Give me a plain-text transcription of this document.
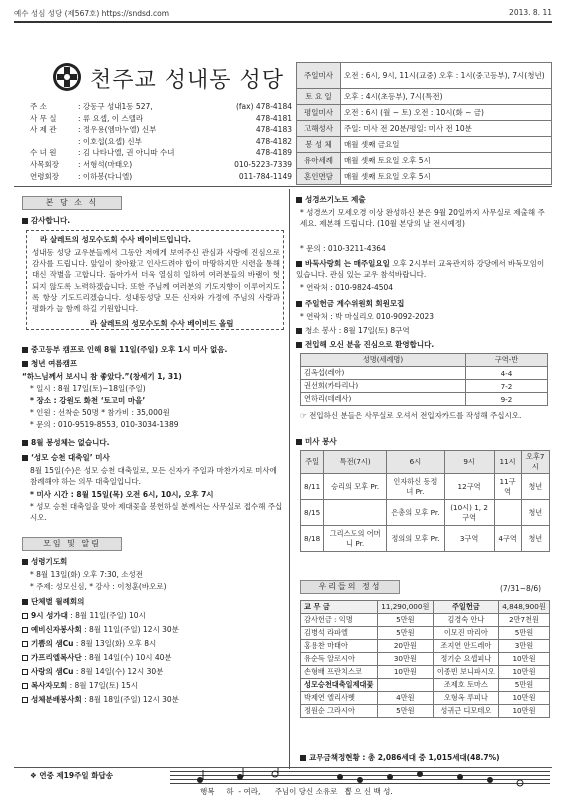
예수 성심 성당 (제567호) https://sndsd.com	2013. 8. 11
천주교 성내동 성당
주 소	: 강동구 성내1동 527,	(fax) 478-4184
사 무 실	: 류 요셉, 이 스텔라	478-4181
사 제 관	: 정우용(엠마누엘) 신부	478-4183
: 이호섭(요셉) 신부	478-4182
수 녀 원	: 김 나타나엘, 권 아니따 수녀	478-4189
사목회장	: 서형석(마태오)	010-5223-7339
연령회장	: 이하봉(다니엘)	011-784-1149
주일미사	오전 : 6시, 9시, 11시(교중) 오후 : 1시(중고등부), 7시(청년)
토 요 일	오후 : 4시(초등부), 7시(특전)
평일미사	오전 : 6시 (월 ~ 토) 오전 : 10시(화 ~ 금)
고해성사	주일: 미사 전 20분/평일: 미사 전 10분
봉 성 체	매월 셋째 금요일
유아세례	매월 셋째 토요일 오후 5시
혼인면담	매월 셋째 토요일 오후 5시
본 당 소 식
감사합니다.
라 살레트의 성모수도회 수사 베이비드입니다.
성내동 성당 교우분들께서 그동안 저에게 보여주신 관심과 사랑에 진심으로 감사를 드립니다. 앞일이 찾아왔고 인사드려야 합이 마땅하지만 시련을 통해 대신 작별을 고합니다. 돌아가서 더욱 열심히 일하여 여러분들의 바램이 헛되지 않도록 노력하겠습니다. 또한 주님께 여러분의 기도지향이 이루어지도록 항상 기도드리겠습니다. 성내동성당 모든 신자와 가정에 주님의 사랑과 평화가 늘 함께 하길 기원합니다.
라 살레트의 성모수도회 수사 베이비드 올림
중고등부 캠프로 인해 8월 11일(주일) 오후 1시 미사 없음.
청년 여름캠프
“하느님께서 보시니 참 좋았다.”(창세기 1, 31)
* 일시 : 8월 17일(토)~18일(주일)
* 장소 : 강원도 화천 ‘토고미 마을’
* 인원 : 선착순 50명 * 참가비 : 35,000원
* 문의 : 010-9519-8553, 010-3034-1389
8월 봉성체는 없습니다.
‘성모 승천 대축일’ 미사
8월 15일(수)은 성모 승천 대축일로, 모든 신자가 주일과 마찬가지로 미사에 참례해야 하는 의무 대축일입니다.
* 미사 시간 : 8월 15일(목) 오전 6시, 10시, 오후 7시
* 성모 승천 대축일을 맞아 제대꽃을 봉헌하실 분께서는 사무실로 접수해 주십시오.
모임 및 알림
성령기도회
* 8월 13일(화) 오후 7:30, 소성전
* 주제: 성모신심, * 강사 : 이청훈(바오로)
단체별 월례회의
9시 성가대 : 8월 11일(주일) 10시
예비신자봉사회 : 8월 11일(주일) 12시 30분
기쁨의 샘Cu : 8월 13일(화) 오후 8시
가프리엘복사단 : 8월 14일(수) 10시 40분
사랑의 샘Cu : 8월 14일(수) 12시 30분
복사자모회 : 8월 17일(토) 15시
성체분배봉사회 : 8월 18일(주일) 12시 30분
성경쓰기노트 제출
* 성경쓰기 모세오경 이상 완성하신 분은 9월 20일까지 사무실로 제출해 주세요. 제본해 드립니다. (10월 본당의 날 전시예정)
* 문의 : 010-3211-4364
바둑사랑회 는 매주일요일 오후 2시부터 교육관지하 강당에서 바둑모임이 있습니다. 관심 있는 교우 참석바랍니다.
* 연락처 : 010-9824-4504
주일헌금 계수위원회 회원모집
* 연락처 : 박 마실리오 010-9092-2023
청소 봉사 : 8월 17일(토) 8구역
전입해 오신 분을 진심으로 환영합니다.
성명(세례명)	구역-반
김옥섭(레아)	4-4
권선희(카타리나)	7-2
연하리(데레사)	9-2
☞ 전입하신 분들은 사무실로 오셔서 전입자카드를 작성해 주십시오.
미사 봉사
주일	특전(7시)	6시	9시	11시	오후7시
8/11	승리의 모후 Pr.	인자하신 동정녀 Pr.	12구역	11구역	청년
8/15		은총의 모후 Pr.	(10시) 1, 2구역		청년
8/18	그리스도의 어머니 Pr.	정의의 모후 Pr.	3구역	4구역	청년
우리들의 정성	(7/31~8/6)
교 무 금	11,290,000원	주일헌금	4,848,900원
감사헌금 : 익명	5만원	김경숙 안나	2만7천원
김병석 라파엘	5만원	이모진 마리아	5만원
홍용찬 마태아	20만원	조지연 안드레아	3만원
유순득 알로시아	30만원	정기순 요셉피나	10만원
손형배 프란치스코	10만원	이종빈 보니파시오	10만원
성모승천대축일제대꽃		조제호 토마스	5만원
박제연 엘리사벳	4만원	오형옥 루피나	10만원
정원순 그라시아	5만원	성귀근 디모테오	10만원
교무금책정현황 : 총 2,086세대 중 1,015세대(48.7%)
❖ 연중 제19주일 화답송
행복     하  - 여라,      주님이 당신 소유로   뽑 으 신 백 성.
